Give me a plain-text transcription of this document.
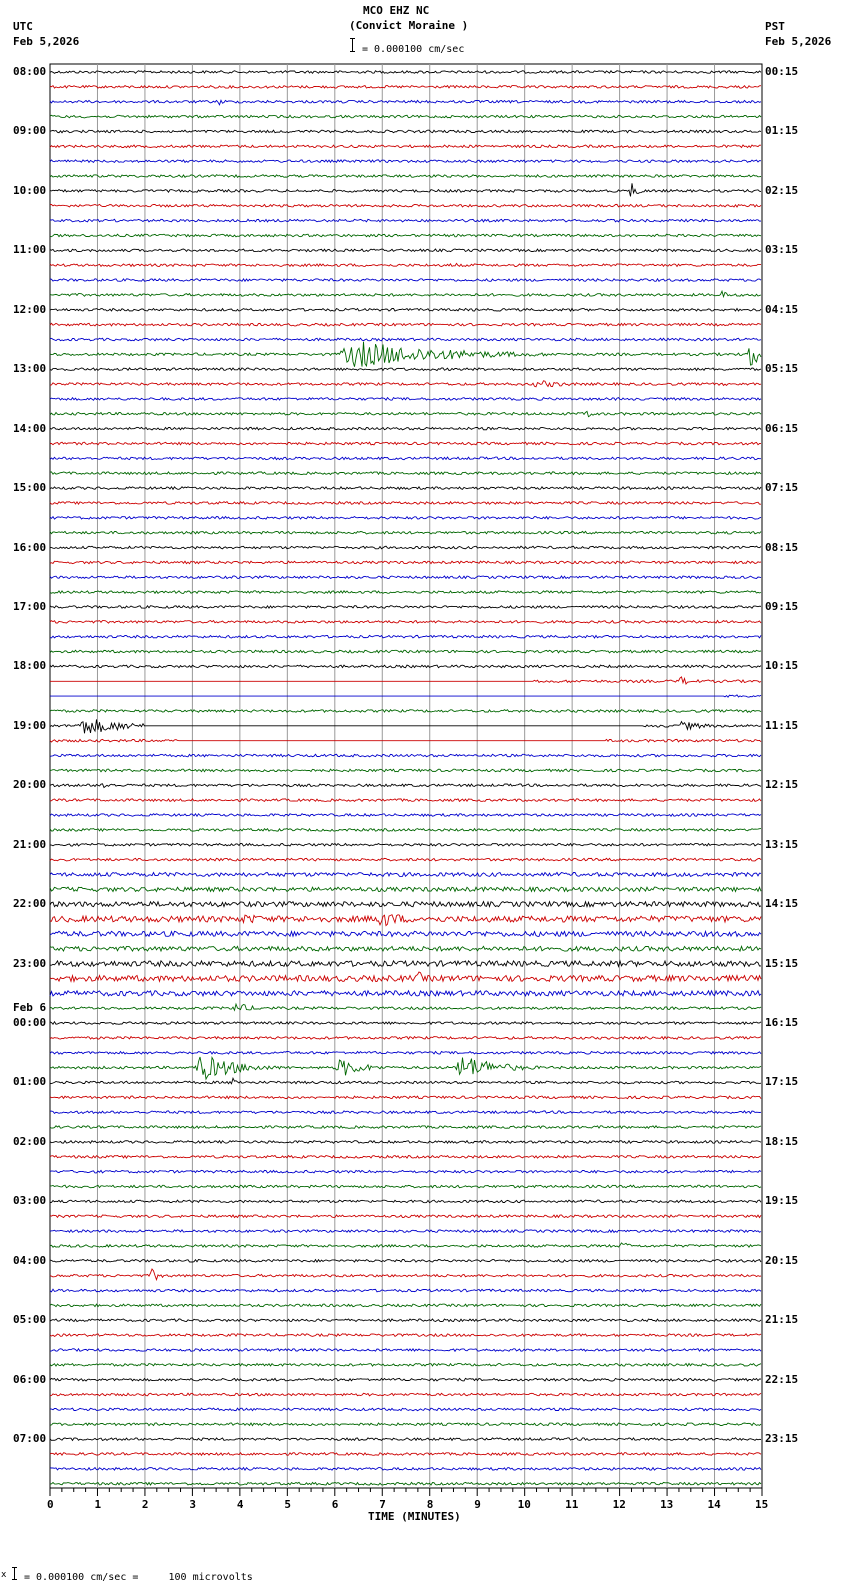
MCO EHZ NC
(Convict Moraine )
= 0.000100 cm/sec
UTC
Feb 5,2026
PST
Feb 5,2026
08:00
09:00
10:00
11:00
12:00
13:00
14:00
15:00
16:00
17:00
18:00
19:00
20:00
21:00
22:00
23:00
00:00
01:00
02:00
03:00
04:00
05:00
06:00
07:00
Feb 6
00:15
01:15
02:15
03:15
04:15
05:15
06:15
07:15
08:15
09:15
10:15
11:15
12:15
13:15
14:15
15:15
16:15
17:15
18:15
19:15
20:15
21:15
22:15
23:15
0	1	2	3	4	5	6	7	8	9	10	11	12	13	14	15
TIME (MINUTES)
x = 0.000100 cm/sec =     100 microvolts
